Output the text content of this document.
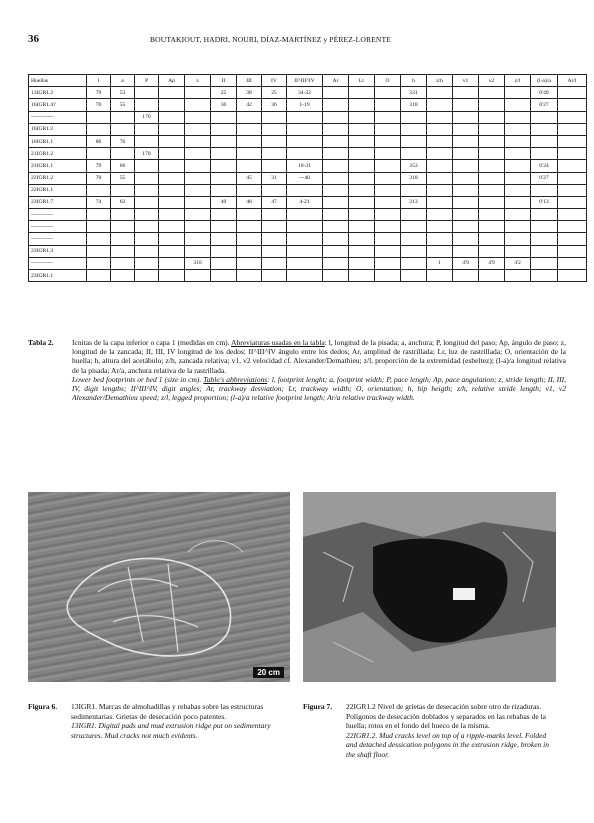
36	BOUTAKIOUT, HADRI, NOURI, DÍAZ-MARTÍNEZ y PÉREZ-LORENTE
Huellas	l	a	P	Ap	z	II	III	IV	II^III^IV	Ar	Lr	O	h	z/h	v1	v2	z/l	(l-a)/a	Ar/l
13IGR1.2	79	53				25	38	25	34-32				331					0'49	
16IGR1.4?	70	55				36	42	36	1-19				318					0'27	
------------			170																
16IGR1.2																			
16IGR1.1	80	76																	
21IGR1.2			170																
21IGR1.1	79	66							10-31				353					0'24	
22IGR1.2	70	55					45	31	---40				318					0'27	
22IGR1.1																			
23IGR1.7	74	62				40	48	47	4-21				313					0'13	
------------																			
------------																			
------------																			
23IGR1.3																			
------------					310									1	4'9	4'9	4'2		
23IGR1.1																			
Tabla 2. Icnitas de la capa inferior o capa 1 (medidas en cm). Abreviaturas usadas en la tabla: l, longitud de la pisada; a, anchura; P, longitud del paso; Ap, ángulo de paso; z, longitud de la zancada; II, III, IV longitud de los dedos; II^III^IV ángulo entre los dedos; Ar, amplitud de rastrillada; Lr, luz de rastrillada; O, orientación de la huella; h, altura del acetábulo; z/h, zancada relativa; v1, v2 velocidad cf. Alexander/Demathieu; z/l, proporción de la extremidad (esbeltez); (l-a)/a longitud relativa de la pisada; Ar/a, anchura relativa de la rastrillada.
Lower bed footprints or bed 1 (size in cm). Table's abbreviations: l, footprint lenght; a, footprint width; P, pace length; Ap, pace angulation; z, stride length; II, III, IV, digit lengths; II^III^IV, digit angles; Ar, trackway desviation; Lr, trackway width; O, orientation; h, hip heigth; z/h, relative stride length; v1, v2 Alexander/Demathieu speed; z/l, legged proportion; (l-a)/a relative footprint length; Ar/a relative trackway width.
20 cm
Figura 6. 13IGR1. Marcas de almohadillas y rebabas sobre las estructuras sedimentarias. Grietas de desecación poco patentes.
13IGR1. Digital pads and mud extrusion ridge put on sedimentary structures. Mud cracks not much evidents.
Figura 7. 22IGR1.2 Nivel de grietas de desecación sobre otro de rizaduras. Polígonos de desecación doblados y separados en las rebabas de la huella; rotos en el fondo del hueco de la misma.
22IGR1.2. Mud cracks level on top of a ripple-marks level. Folded and detached dessication polygons in the extrusion ridge, broken in the shaft floor.
